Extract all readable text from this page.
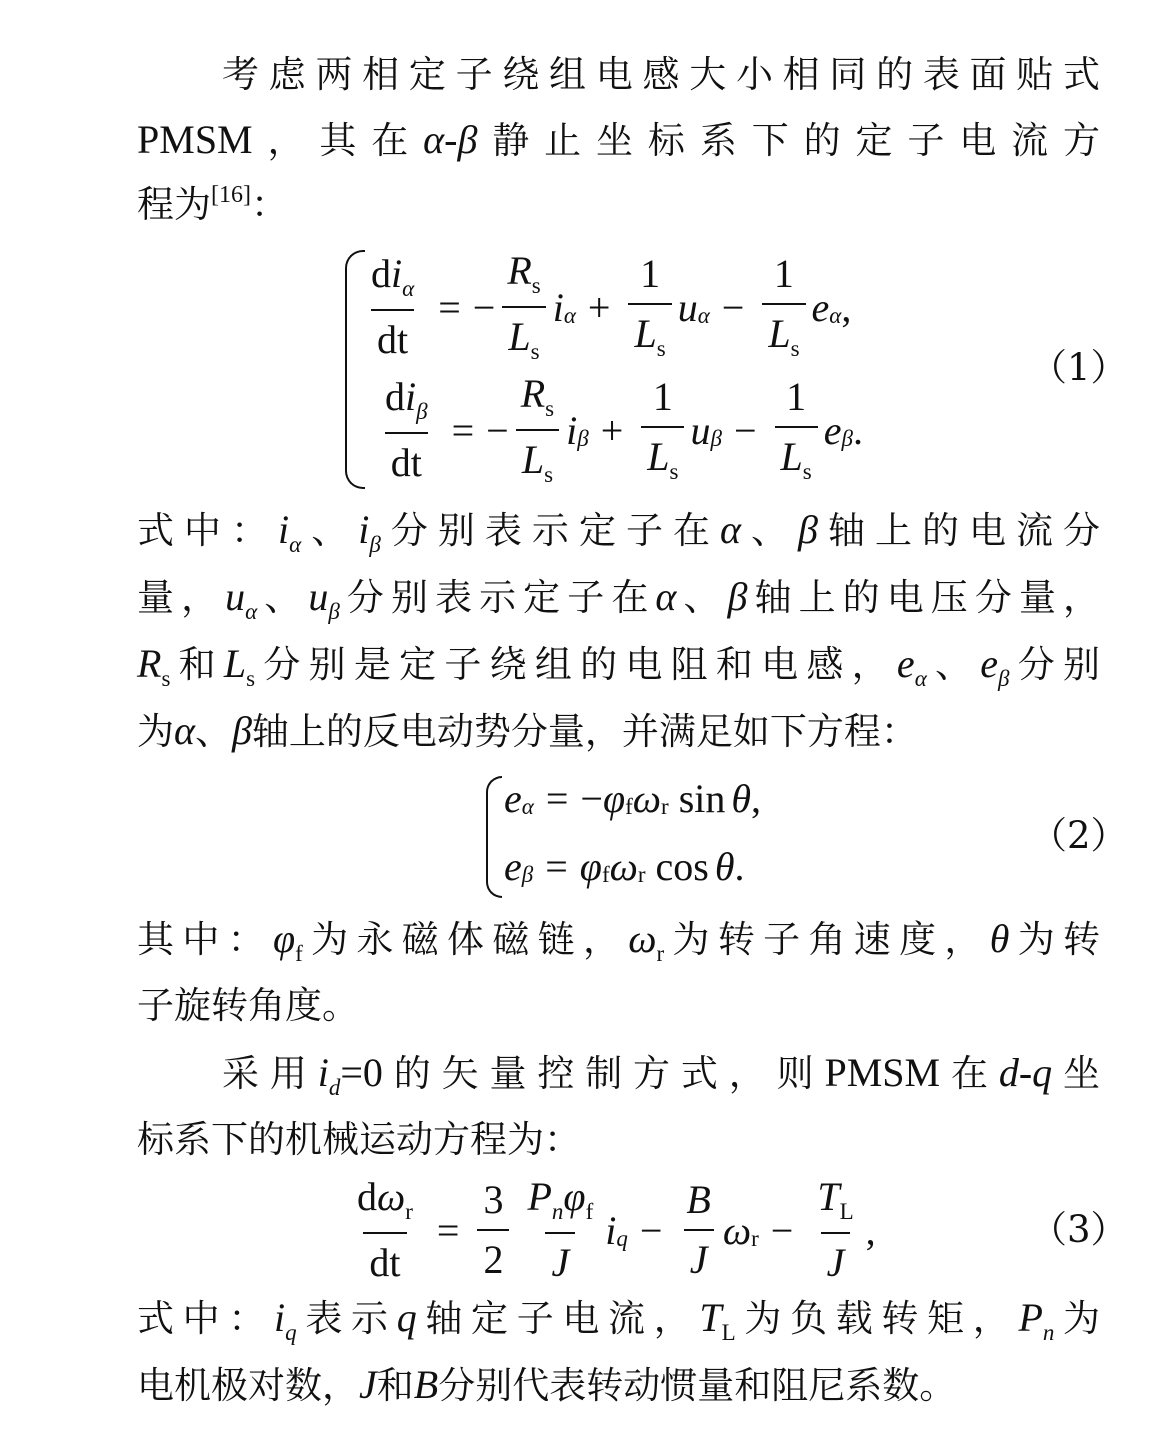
考虑两相定子绕组电感大小相同的表面贴式
PMSM，其在α-β静止坐标系下的定子电流方
程为[16]：
$\frac{di_\alpha}{dt}$ = − $\frac{R_s}{L_s}$ i $\alpha + \frac{1}{L_s}$ u $\alpha - \frac{1}{L_s}$ e α ,
$\frac{di_\beta}{dt}$ = − $\frac{R_s}{L_s}$ i $\beta + \frac{1}{L_s}$ u $\beta - \frac{1}{L_s}$ e β .
（1）
式中：$i_\alpha$、$i_\beta$分别表示定子在α、β轴上的电流分
量，$u_\alpha$、$u_\beta$分别表示定子在α、β轴上的电压分量，
$R_s$和$L_s$分别是定子绕组的电阻和电感，$e_\alpha$、$e_\beta$分别
为α、β轴上的反电动势分量，并满足如下方程：
e α = − φ f ω r sin θ ,
e β = φ f ω r cos θ .
（2）
其中：$\varphi_f$为永磁体磁链，$\omega_r$为转子角速度，θ为转
子旋转角度。
采用$i_d=0$的矢量控制方式，则PMSM在d-q坐
标系下的机械运动方程为：
$\frac{d\omega_r}{dt} = \frac{3}{2} \frac{P_n\varphi_f}{J}$ i $q - \frac{B}{J}$ ω $r - \frac{T_L}{J}$ ,	（3）
式中：$i_q$表示q轴定子电流，$T_L$为负载转矩，$P_n$为
电机极对数，J和B分别代表转动惯量和阻尼系数。
